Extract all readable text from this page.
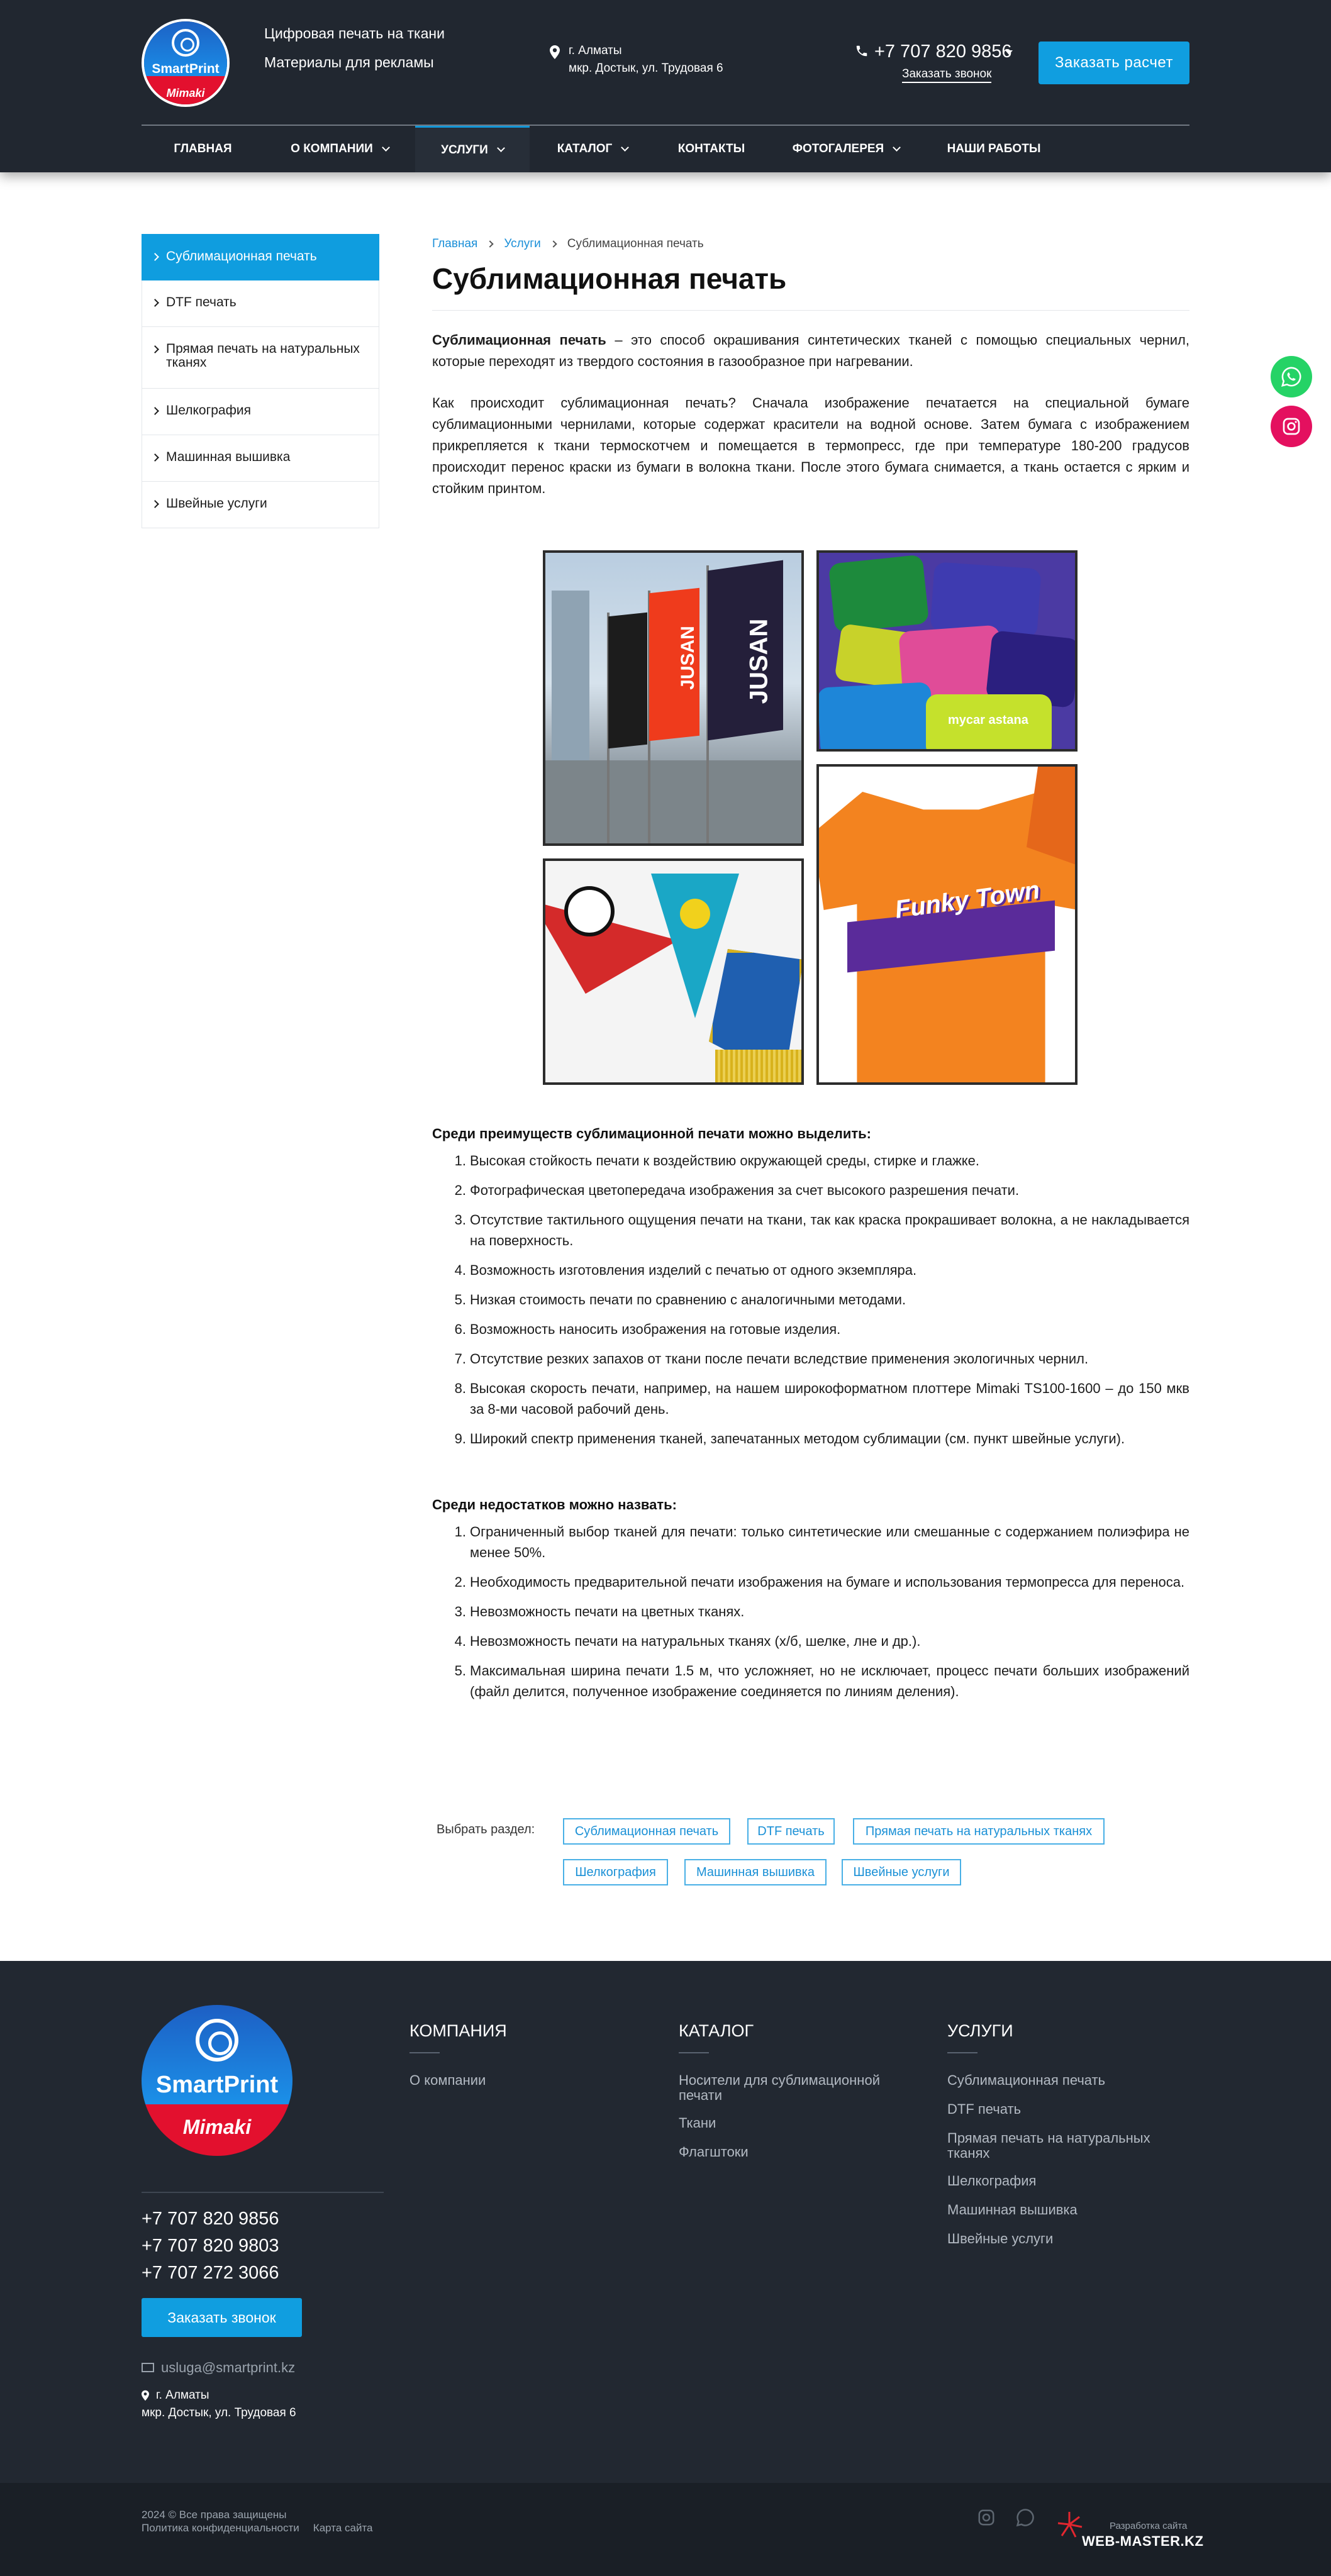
SmartPrint
Mimaki
Цифровая печать на ткани
Материалы для рекламы
г. Алматы
мкр. Достык, ул. Трудовая 6
+7 707 820 9856
Заказать звонок
Заказать расчет
ГЛАВНАЯ	О КОМПАНИИ	УСЛУГИ	КАТАЛОГ	КОНТАКТЫ	ФОТОГАЛЕРЕЯ	НАШИ РАБОТЫ
Сублимационная печать
DTF печать
Прямая печать на натуральных тканях
Шелкография
Машинная вышивка
Швейные услуги
Главная Услуги Сублимационная печать
Сублимационная печать
Сублимационная печать – это способ окрашивания синтетических тканей с помощью специальных чернил, которые переходят из твердого состояния в газообразное при нагревании.
Как происходит сублимационная печать? Сначала изображение печатается на специальной бумаге сублимационными чернилами, которые содержат красители на водной основе. Затем бумага с изображением прикрепляется к ткани термоскотчем и помещается в термопресс, где при температуре 180-200 градусов происходит перенос краски из бумаги в волокна ткани. После этого бумага снимается, а ткань остается с ярким и стойким принтом.
JUSAN JUSAN
mycar astana
Funky Town
Среди преимуществ сублимационной печати можно выделить:
1. Высокая стойкость печати к воздействию окружающей среды, стирке и глажке.
2. Фотографическая цветопередача изображения за счет высокого разрешения печати.
3. Отсутствие тактильного ощущения печати на ткани, так как краска прокрашивает волокна, а не накладывается на поверхность.
4. Возможность изготовления изделий с печатью от одного экземпляра.
5. Низкая стоимость печати по сравнению с аналогичными методами.
6. Возможность наносить изображения на готовые изделия.
7. Отсутствие резких запахов от ткани после печати вследствие применения экологичных чернил.
8. Высокая скорость печати, например, на нашем широкоформатном плоттере Mimaki TS100-1600 – до 150 мкв за 8-ми часовой рабочий день.
9. Широкий спектр применения тканей, запечатанных методом сублимации (см. пункт швейные услуги).
Среди недостатков можно назвать:
1. Ограниченный выбор тканей для печати: только синтетические или смешанные с содержанием полиэфира не менее 50%.
2. Необходимость предварительной печати изображения на бумаге и использования термопресса для переноса.
3. Невозможность печати на цветных тканях.
4. Невозможность печати на натуральных тканях (х/б, шелке, лне и др.).
5. Максимальная ширина печати 1.5 м, что усложняет, но не исключает, процесс печати больших изображений (файл делится, полученное изображение соединяется по линиям деления).
Выбрать раздел:	Сублимационная печать	DTF печать	Прямая печать на натуральных тканях
Шелкография	Машинная вышивка	Швейные услуги
SmartPrint
Mimaki
+7 707 820 9856
+7 707 820 9803
+7 707 272 3066
Заказать звонок
usluga@smartprint.kz
г. Алматы
мкр. Достык, ул. Трудовая 6
КОМПАНИЯ
О компании
КАТАЛОГ
Носители для сублимационной печати
Ткани
Флагштоки
УСЛУГИ
Сублимационная печать
DTF печать
Прямая печать на натуральных тканях
Шелкография
Машинная вышивка
Швейные услуги
2024 © Все права защищены
Политика конфиденциальности Карта сайта	Разработка сайта
WEB-MASTER.KZ
